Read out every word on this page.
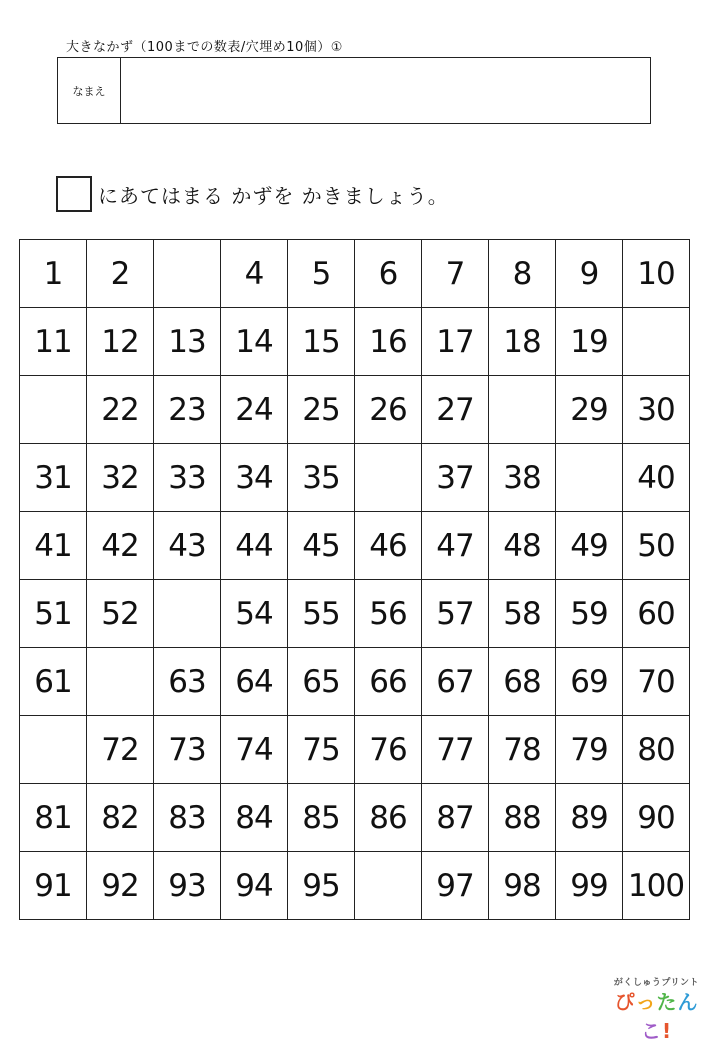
大きなかず（100までの数表/穴埋め10個）①
なまえ
にあてはまる かずを かきましょう。
1	2		4	5	6	7	8	9	10
11	12	13	14	15	16	17	18	19	
	22	23	24	25	26	27		29	30
31	32	33	34	35		37	38		40
41	42	43	44	45	46	47	48	49	50
51	52		54	55	56	57	58	59	60
61		63	64	65	66	67	68	69	70
	72	73	74	75	76	77	78	79	80
81	82	83	84	85	86	87	88	89	90
91	92	93	94	95		97	98	99	100
がくしゅうプリント
ぴったんこ!
